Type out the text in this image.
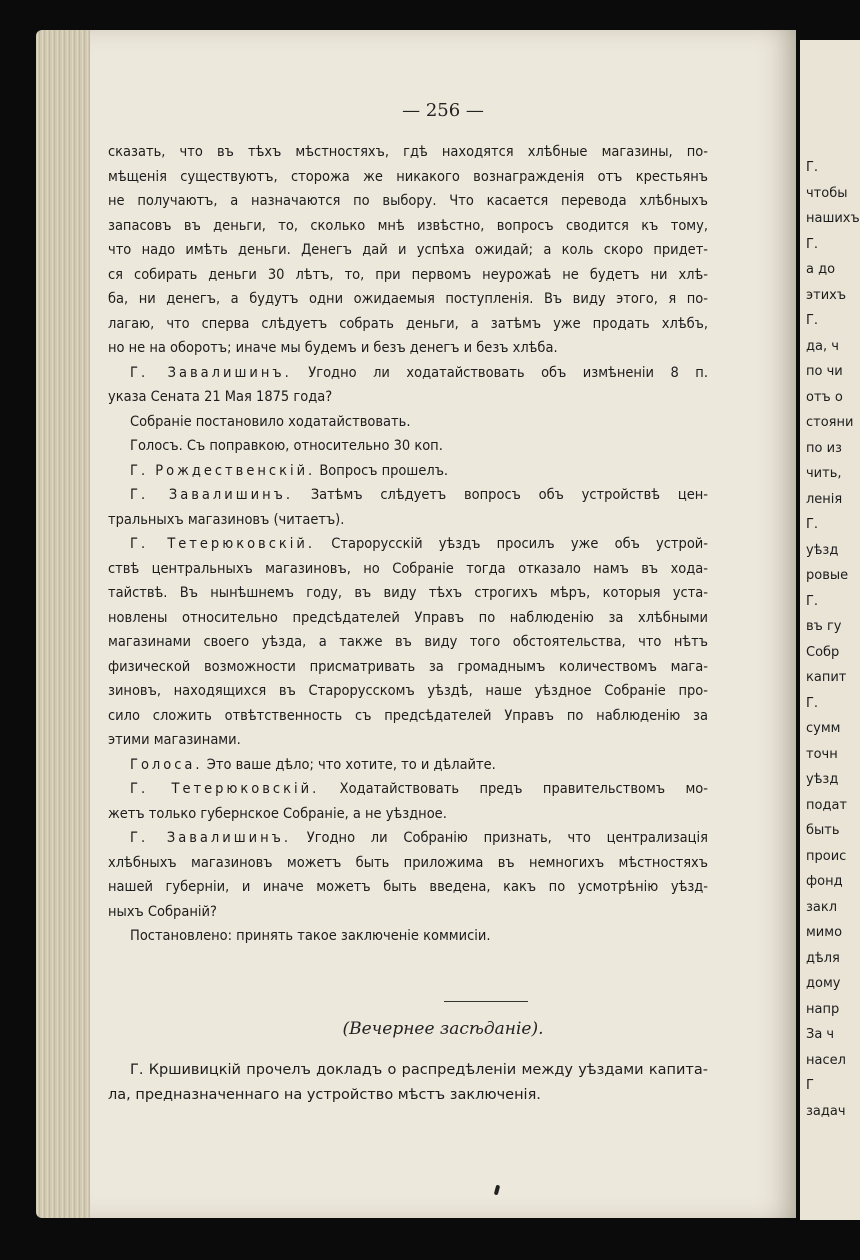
— 256 —
Г.
чтобы
нашихъ
Г.
а до
этихъ
Г.
да, ч
по чи
отъ о
стояни
по из
чить,
ленія
Г.
уѣзд
ровые
Г.
въ гу
Собр
капит
Г.
сумм
точн
уѣзд
подат
быть
проис
фонд
закл
мимо
дѣля
дому
напр
За ч
насел
Г
задач

сказать, что въ тѣхъ мѣстностяхъ, гдѣ находятся хлѣбные магазины, по-
мѣщенія существуютъ, сторожа же никакого вознагражденія отъ крестьянъ
не получаютъ, а назначаются по выбору. Что касается перевода хлѣбныхъ
запасовъ въ деньги, то, сколько мнѣ извѣстно, вопросъ сводится къ тому,
что надо имѣть деньги. Денегъ дай и успѣха ожидай; а коль скоро придет-
ся собирать деньги 30 лѣтъ, то, при первомъ неурожаѣ не будетъ ни хлѣ-
ба, ни денегъ, а будутъ одни ожидаемыя поступленія. Въ виду этого, я по-
лагаю, что сперва слѣдуетъ собрать деньги, а затѣмъ уже продать хлѣбъ,
но не на оборотъ; иначе мы будемъ и безъ денегъ и безъ хлѣба.

Г. Завалишинъ. Угодно ли ходатайствовать объ измѣненіи 8 п.
указа Сената 21 Мая 1875 года?

Собраніе постановило ходатайствовать.

Голосъ. Съ поправкою, относительно 30 коп.

Г. Рождественскій. Вопросъ прошелъ.

Г. Завалишинъ. Затѣмъ слѣдуетъ вопросъ объ устройствѣ цен-
тральныхъ магазиновъ (читаетъ).

Г. Тетерюковскій. Старорусскій уѣздъ просилъ уже объ устрой-
ствѣ центральныхъ магазиновъ, но Собраніе тогда отказало намъ въ хода-
тайствѣ. Въ нынѣшнемъ году, въ виду тѣхъ строгихъ мѣръ, которыя уста-
новлены относительно предсѣдателей Управъ по наблюденію за хлѣбными
магазинами своего уѣзда, а также въ виду того обстоятельства, что нѣтъ
физической возможности присматривать за громаднымъ количествомъ мага-
зиновъ, находящихся въ Старорусскомъ уѣздѣ, наше уѣздное Собраніе про-
сило сложить отвѣтственность съ предсѣдателей Управъ по наблюденію за
этими магазинами.

Голоса. Это ваше дѣло; что хотите, то и дѣлайте.

Г. Тетерюковскій. Ходатайствовать предъ правительствомъ мо-
жетъ только губернское Собраніе, а не уѣздное.

Г. Завалишинъ. Угодно ли Собранію признать, что централизація
хлѣбныхъ магазиновъ можетъ быть приложима въ немногихъ мѣстностяхъ
нашей губерніи, и иначе можетъ быть введена, какъ по усмотрѣнію уѣзд-
ныхъ Собраній?

Постановлено: принять такое заключеніе коммисіи.

(Вечернее засѣданіе).
Г. Кршивицкій прочелъ докладъ о распредѣленіи между уѣздами капита-
ла, предназначеннаго на устройство мѣстъ заключенія.
